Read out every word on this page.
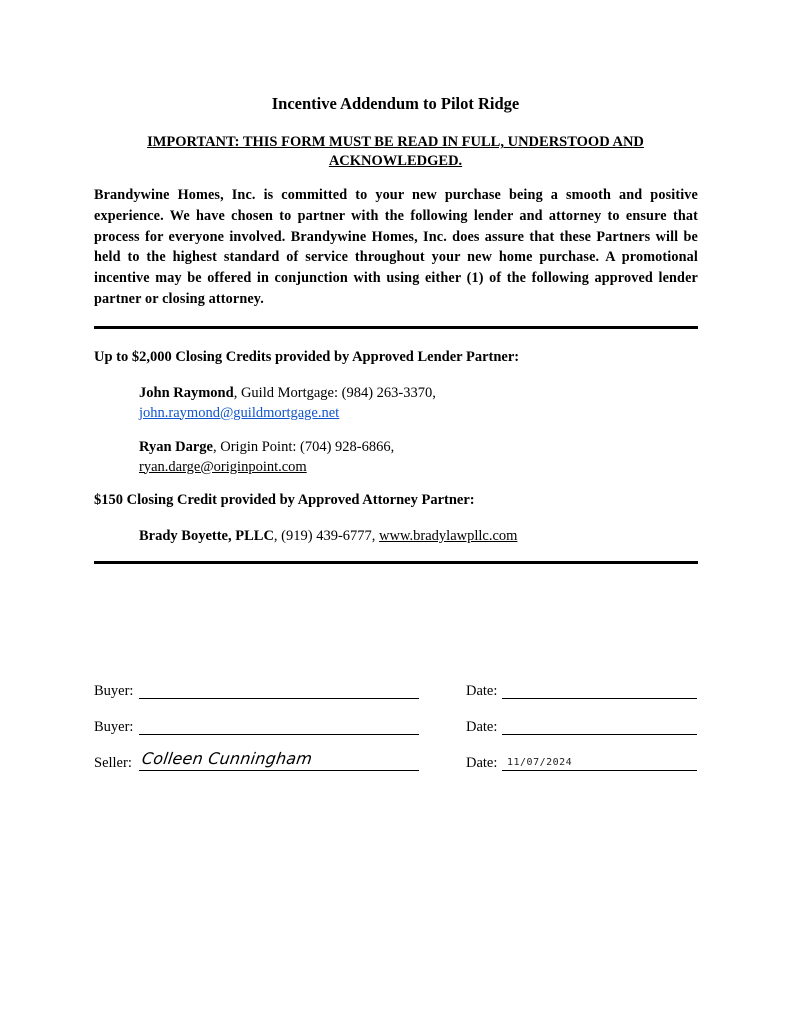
Incentive Addendum to Pilot Ridge
IMPORTANT: THIS FORM MUST BE READ IN FULL, UNDERSTOOD AND
ACKNOWLEDGED.
Brandywine Homes, Inc. is committed to your new purchase being a smooth and positive experience. We have chosen to partner with the following lender and attorney to ensure that process for everyone involved. Brandywine Homes, Inc. does assure that these Partners will be held to the highest standard of service throughout your new home purchase. A promotional incentive may be offered in conjunction with using either (1) of the following approved lender partner or closing attorney.
Up to $2,000 Closing Credits provided by Approved Lender Partner:
John Raymond, Guild Mortgage: (984) 263-3370,
john.raymond@guildmortgage.net
Ryan Darge, Origin Point: (704) 928-6866,
ryan.darge@originpoint.com
$150 Closing Credit provided by Approved Attorney Partner:
Brady Boyette, PLLC, (919) 439-6777, www.bradylawpllc.com
Buyer:	Date:
Buyer:	Date:
Seller: Colleen Cunningham	Date: 11/07/2024
